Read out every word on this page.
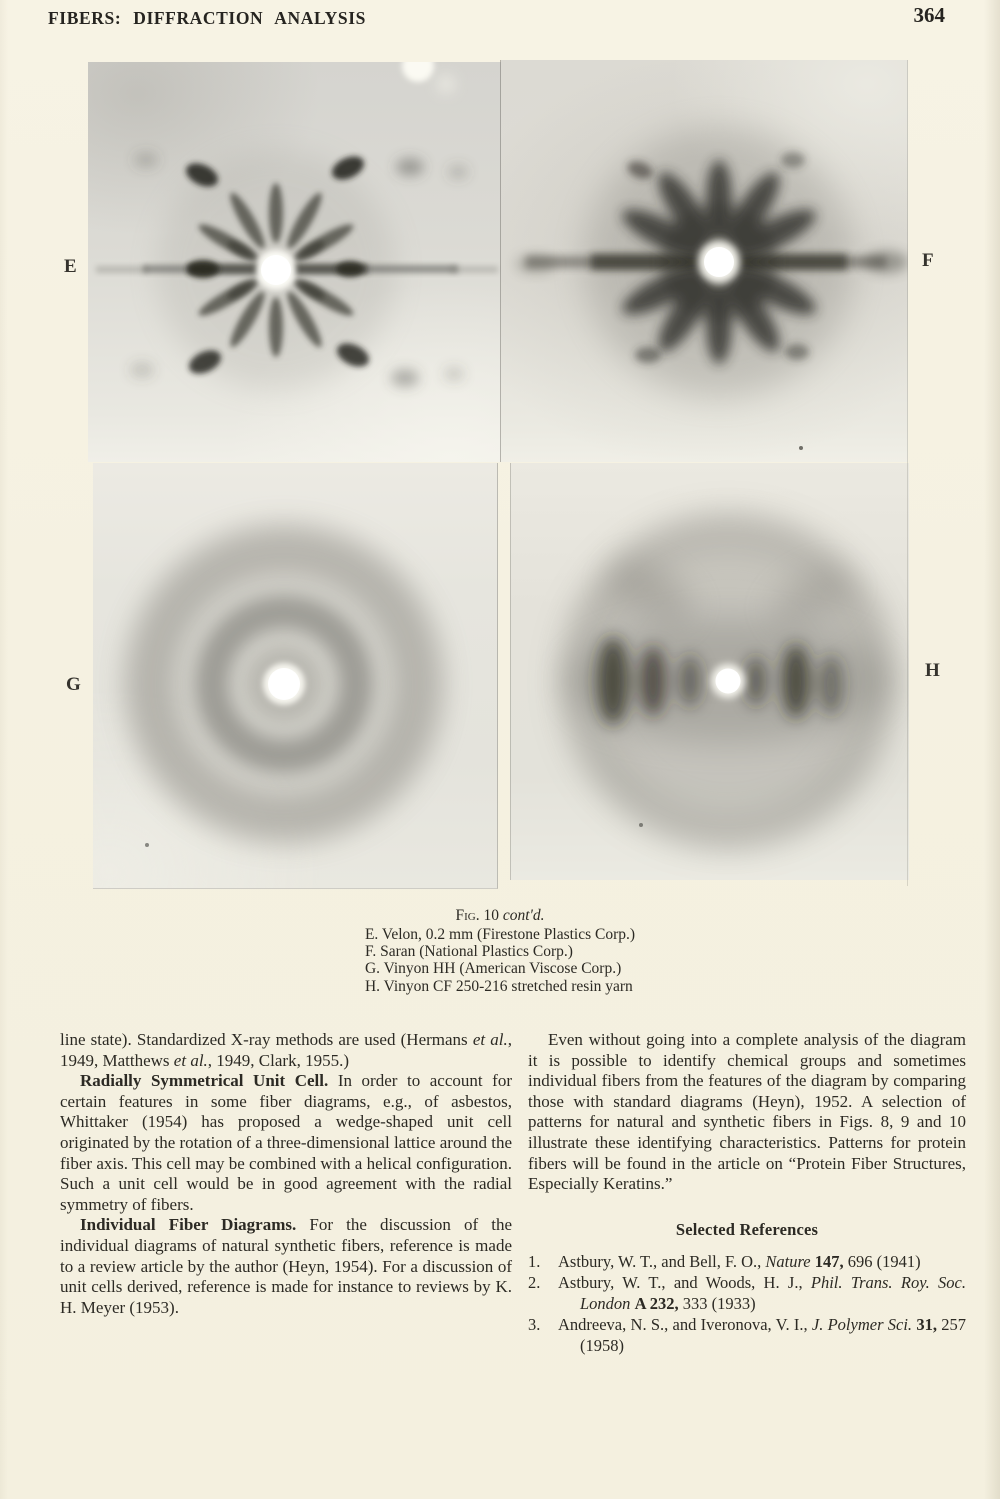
FIBERS: DIFFRACTION ANALYSIS	364
E	F
G
H
Fig. 10 cont'd.
E. Velon, 0.2 mm (Firestone Plastics Corp.)
F. Saran (National Plastics Corp.)
G. Vinyon HH (American Viscose Corp.)
H. Vinyon CF 250-216 stretched resin yarn

line state). Standardized X-ray methods are used (Hermans et al., 1949, Matthews et al., 1949, Clark, 1955.)

Radially Symmetrical Unit Cell. In order to account for certain features in some fiber diagrams, e.g., of asbestos, Whittaker (1954) has proposed a wedge-shaped unit cell originated by the rotation of a three-dimensional lattice around the fiber axis. This cell may be combined with a helical configuration. Such a unit cell would be in good agreement with the radial symmetry of fibers.

Individual Fiber Diagrams. For the discussion of the individual diagrams of natural synthetic fibers, reference is made to a review article by the author (Heyn, 1954). For a discussion of unit cells derived, reference is made for instance to reviews by K. H. Meyer (1953).

Even without going into a complete analysis of the diagram it is possible to identify chemical groups and sometimes individual fibers from the features of the diagram by comparing those with standard diagrams (Heyn), 1952. A selection of patterns for natural and synthetic fibers in Figs. 8, 9 and 10 illustrate these identifying characteristics. Patterns for protein fibers will be found in the article on “Protein Fiber Structures, Especially Keratins.”

Selected References

1. Astbury, W. T., and Bell, F. O., Nature 147, 696 (1941)

2. Astbury, W. T., and Woods, H. J., Phil. Trans. Roy. Soc. London A 232, 333 (1933)

3. Andreeva, N. S., and Iveronova, V. I., J. Polymer Sci. 31, 257 (1958)
